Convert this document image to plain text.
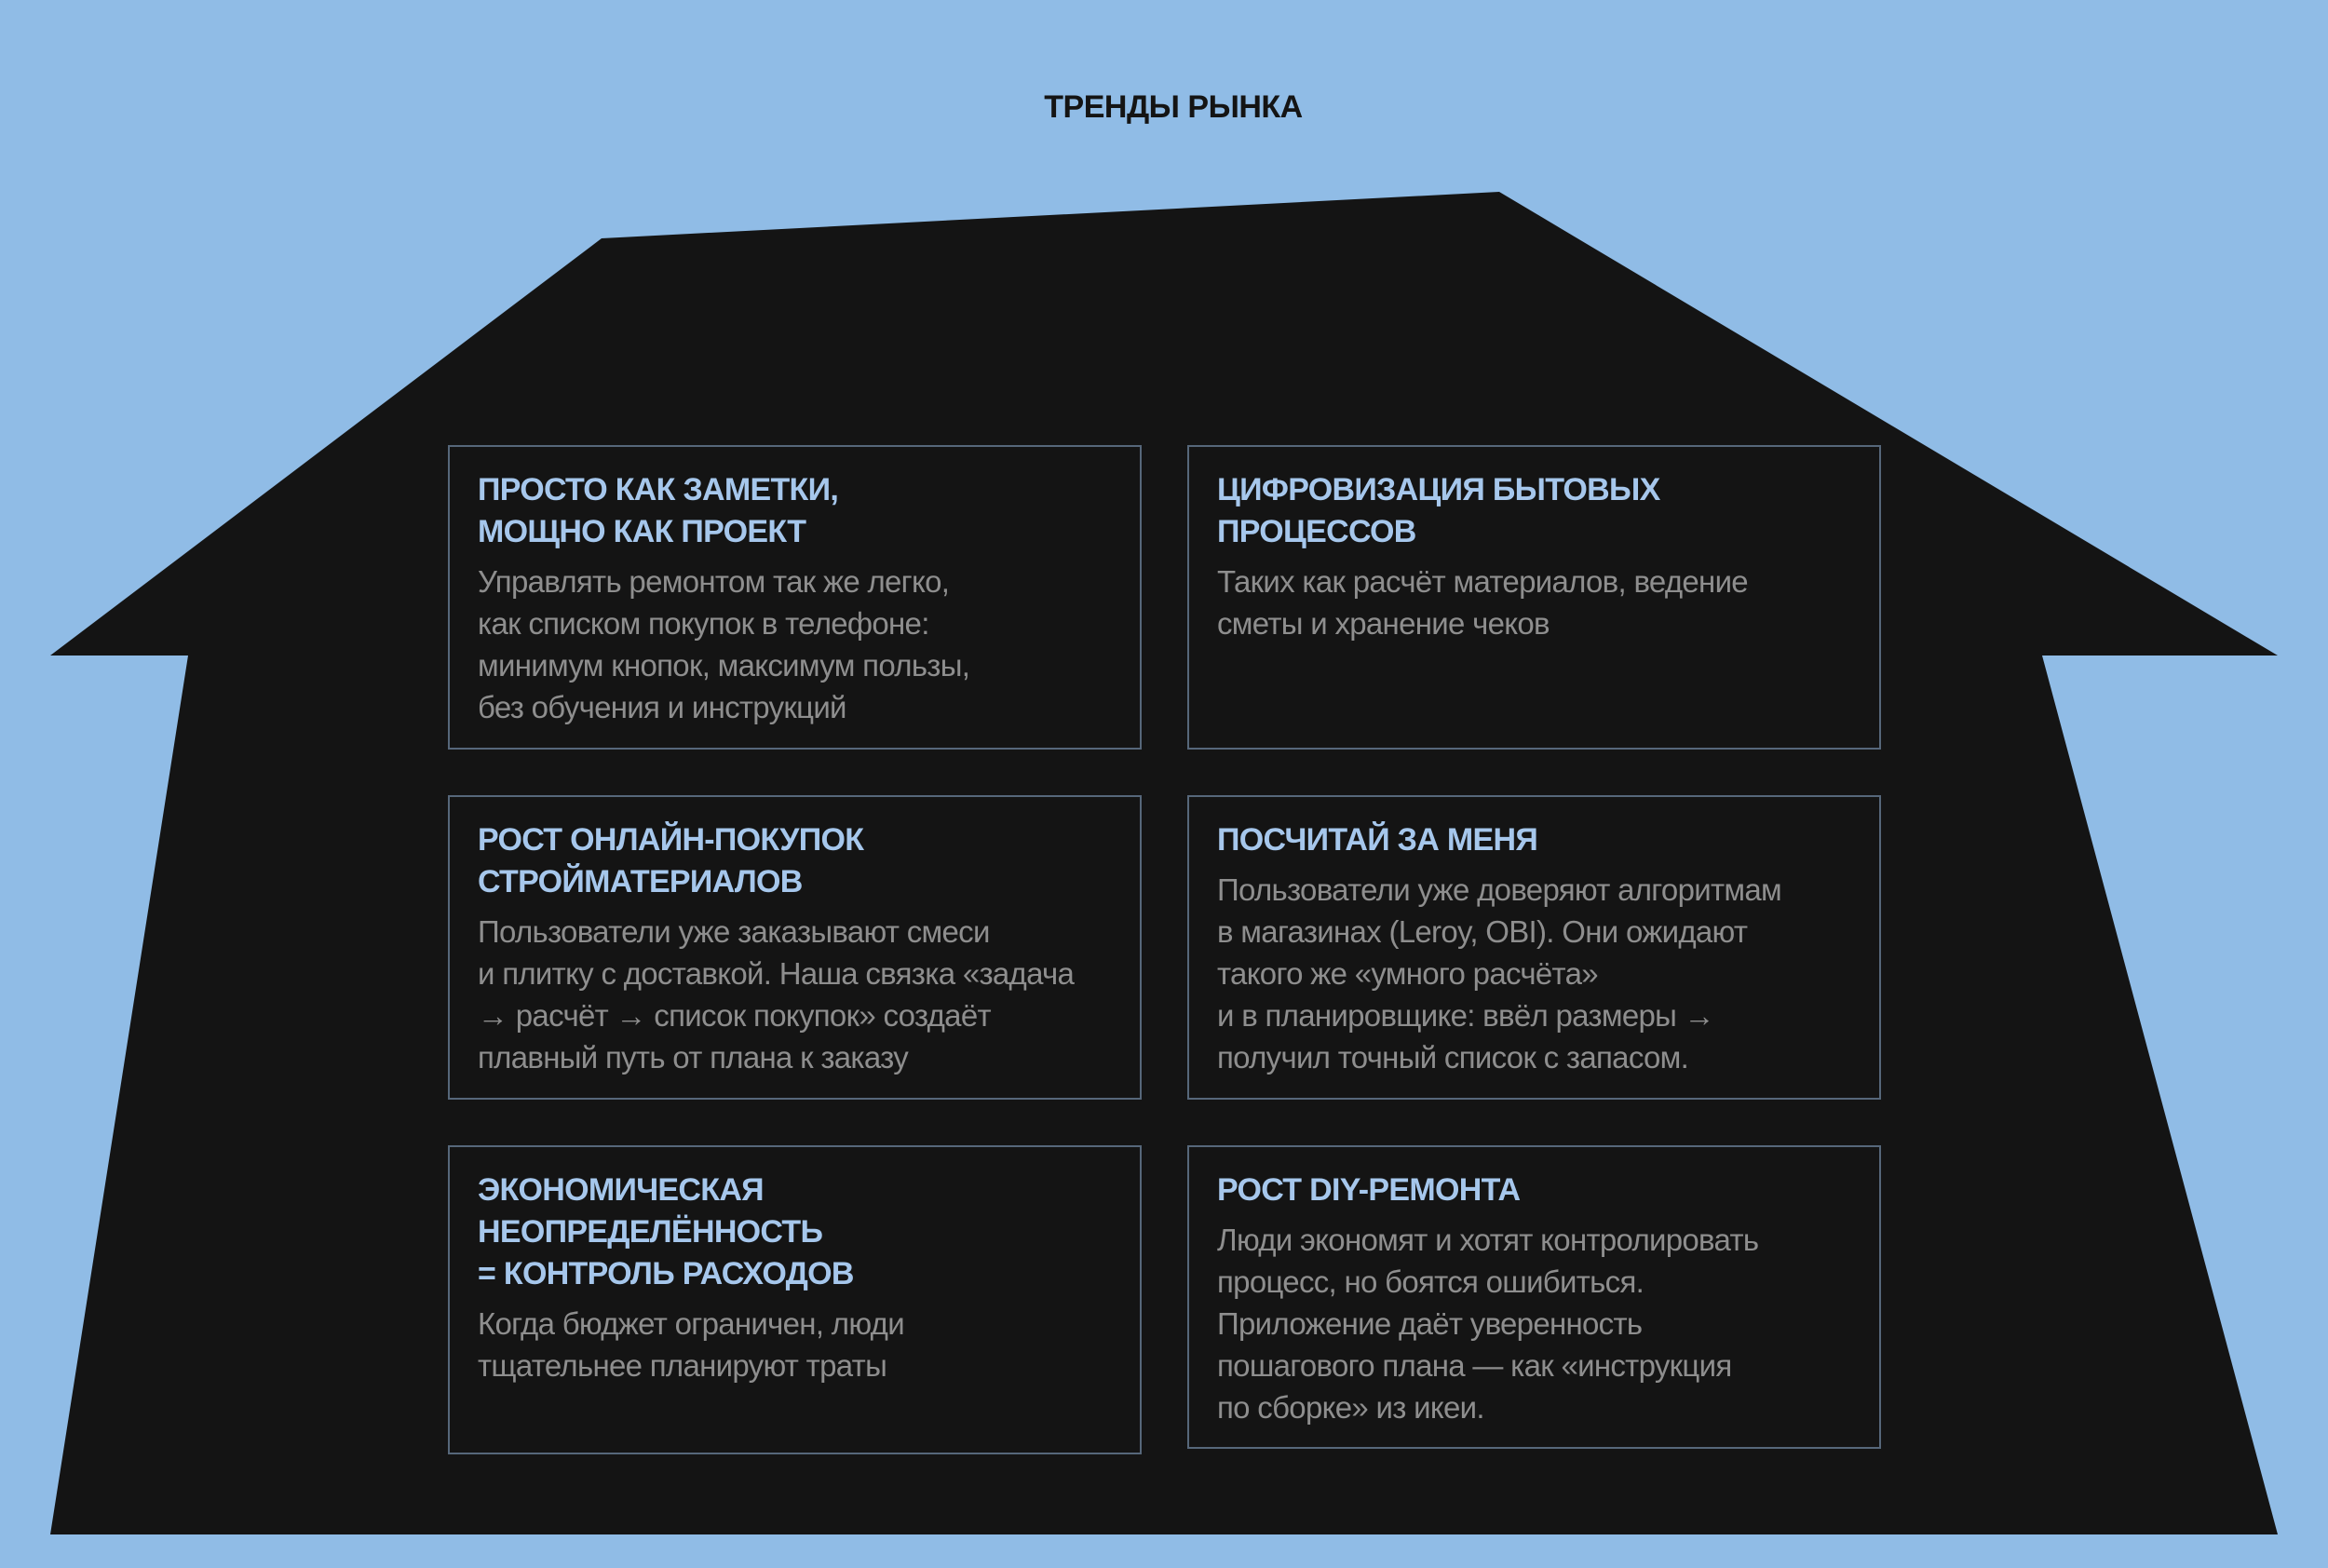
ТРЕНДЫ РЫНКА
ПРОСТО КАК ЗАМЕТКИ,
МОЩНО КАК ПРОЕКТ
Управлять ремонтом так же легко,
как списком покупок в телефоне:
минимум кнопок, максимум пользы,
без обучения и инструкций
ЦИФРОВИЗАЦИЯ БЫТОВЫХ ПРОЦЕССОВ
Таких как расчёт материалов, ведение
сметы и хранение чеков
РОСТ ОНЛАЙН-ПОКУПОК
СТРОЙМАТЕРИАЛОВ
Пользователи уже заказывают смеси
и плитку с доставкой. Наша связка «задача
→ расчёт → список покупок» создаёт
плавный путь от плана к заказу
ПОСЧИТАЙ ЗА МЕНЯ
Пользователи уже доверяют алгоритмам
в магазинах (Leroy, OBI). Они ожидают
такого же «умного расчёта»
и в планировщике: ввёл размеры →
получил точный список с запасом.
ЭКОНОМИЧЕСКАЯ НЕОПРЕДЕЛЁННОСТЬ
= КОНТРОЛЬ РАСХОДОВ
Когда бюджет ограничен, люди
тщательнее планируют траты
РОСТ DIY-РЕМОНТА
Люди экономят и хотят контролировать
процесс, но боятся ошибиться.
Приложение даёт уверенность
пошагового плана — как «инструкция
по сборке» из икеи.
